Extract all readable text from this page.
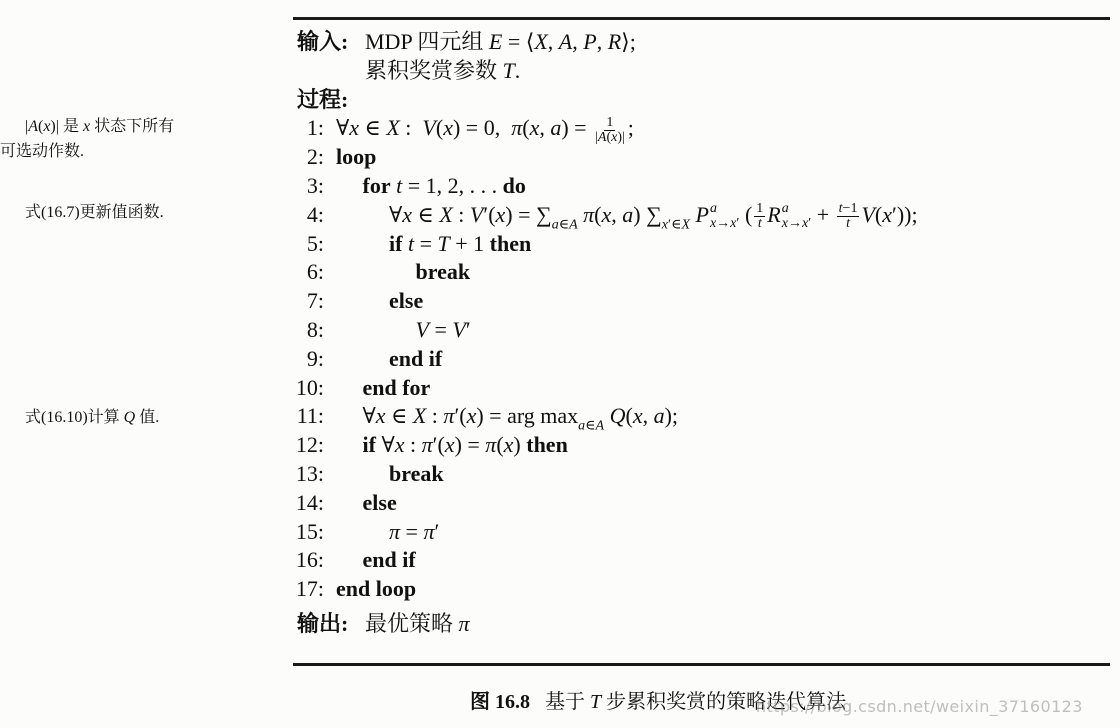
输入: MDP 四元组 E = ⟨X, A, P, R⟩;
累积奖赏参数 T.
过程:
1: ∀x ∈ X :  V(x) = 0,  π(x, $a) = \frac{1}{|A(x)|}$ ;
2: loop
3: for t = 1, 2, . . . do
4:	∀x ∈ X : $V'(x) = \sum_{a\in A}$ π(x, a) $\sum_{x'\in X}$ P a
x→x′ ( $\frac{1}{t}$ R a
$x\to x' + \frac{t-1}{t} V(x')$);
5:	if t = T + 1 then
6:	break
7:	else
8:	V = V′
9:	end if
10: end for
11: ∀x ∈ X : π′(x) = arg $\max_{a\in A} Q(x$, a);
12: if ∀x : π′(x) = π(x) then
13:	break
14: else
15:	π = π′
16: end if
17: end loop
输出: 最优策略 π
|A(x)| 是 x 状态下所有
可选动作数.
式(16.7)更新值函数.
式(16.10)计算 Q 值.
图 16.8   基于 T 步累积奖赏的策略迭代算法
https://blog.csdn.net/weixin_37160123
